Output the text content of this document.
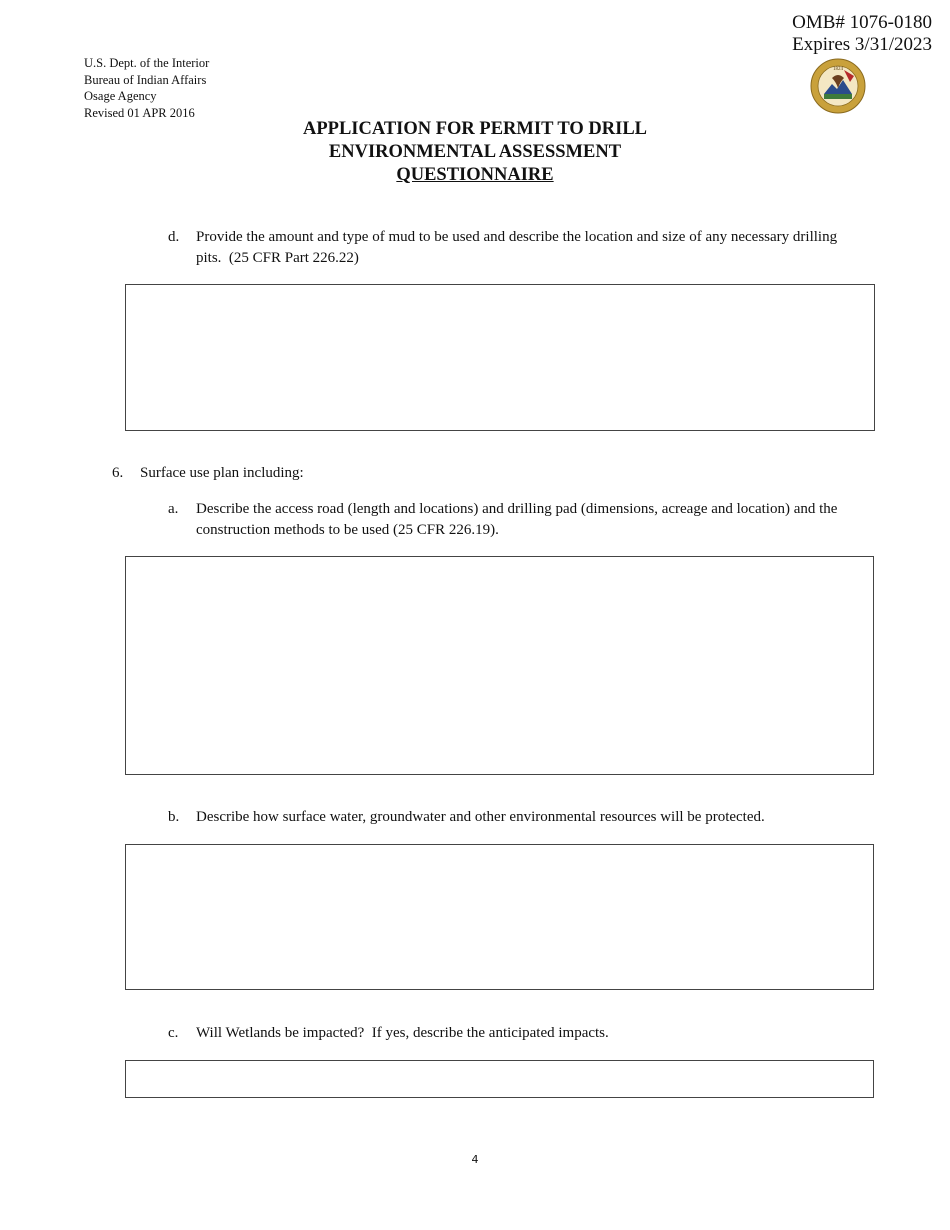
OMB# 1076-0180
Expires 3/31/2023
1824
U.S. Dept. of the Interior
Bureau of Indian Affairs
Osage Agency
Revised 01 APR 2016
APPLICATION FOR PERMIT TO DRILL
ENVIRONMENTAL ASSESSMENT
QUESTIONNAIRE
d. Provide the amount and type of mud to be used and describe the location and size of any necessary drilling
pits.  (25 CFR Part 226.22)
6. Surface use plan including:
a. Describe the access road (length and locations) and drilling pad (dimensions, acreage and location) and the
construction methods to be used (25 CFR 226.19).
b. Describe how surface water, groundwater and other environmental resources will be protected.
c. Will Wetlands be impacted?  If yes, describe the anticipated impacts.
4
